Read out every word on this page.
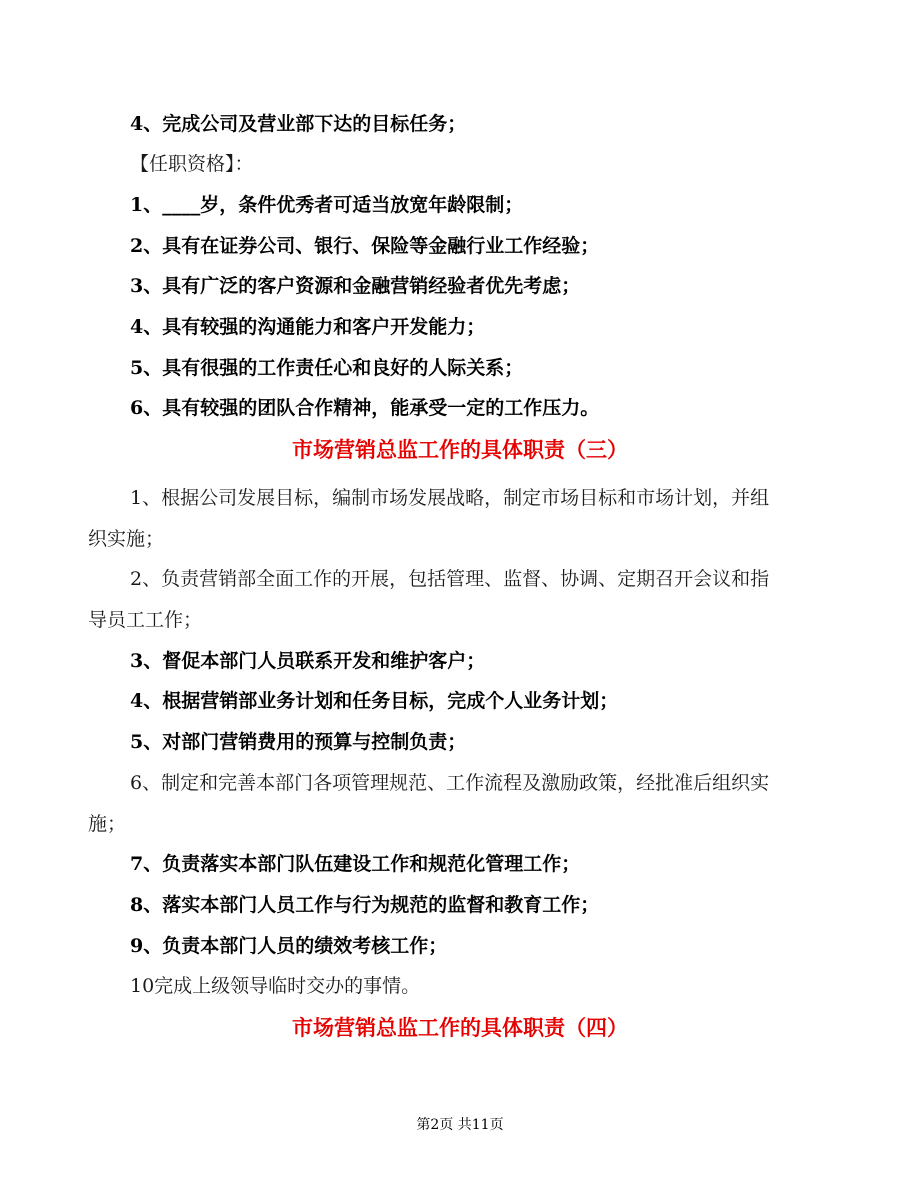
4、完成公司及营业部下达的目标任务；
【任职资格】：
1、____岁，条件优秀者可适当放宽年龄限制；
2、具有在证券公司、银行、保险等金融行业工作经验；
3、具有广泛的客户资源和金融营销经验者优先考虑；
4、具有较强的沟通能力和客户开发能力；
5、具有很强的工作责任心和良好的人际关系；
6、具有较强的团队合作精神，能承受一定的工作压力。
市场营销总监工作的具体职责（三）
1、根据公司发展目标，编制市场发展战略，制定市场目标和市场计划，并组
织实施；
2、负责营销部全面工作的开展，包括管理、监督、协调、定期召开会议和指
导员工工作；
3、督促本部门人员联系开发和维护客户；
4、根据营销部业务计划和任务目标，完成个人业务计划；
5、对部门营销费用的预算与控制负责；
6、制定和完善本部门各项管理规范、工作流程及激励政策，经批准后组织实
施；
7、负责落实本部门队伍建设工作和规范化管理工作；
8、落实本部门人员工作与行为规范的监督和教育工作；
9、负责本部门人员的绩效考核工作；
10完成上级领导临时交办的事情。
市场营销总监工作的具体职责（四）
第2页 共11页
